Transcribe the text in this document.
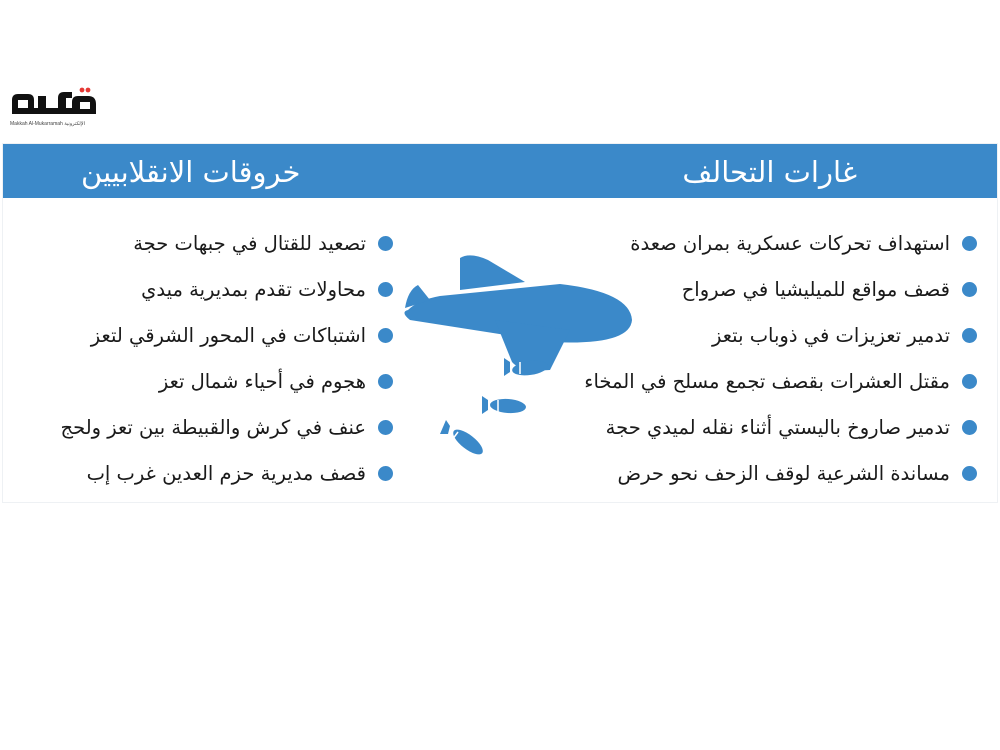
Makkah Al-Mukarramah الإلكترونية
غارات التحالف
خروقات الانقلابيين
استهداف تحركات عسكرية بمران صعدة
قصف مواقع للميليشيا في صرواح
تدمير تعزيزات في ذوباب بتعز
مقتل العشرات بقصف تجمع مسلح في المخاء
تدمير صاروخ باليستي أثناء نقله لميدي حجة
مساندة الشرعية لوقف الزحف نحو حرض
تصعيد للقتال في جبهات حجة
محاولات تقدم بمديرية ميدي
اشتباكات في المحور الشرقي لتعز
هجوم في أحياء شمال تعز
عنف في كرش والقبيطة بين تعز ولحج
قصف مديرية حزم العدين غرب إب
